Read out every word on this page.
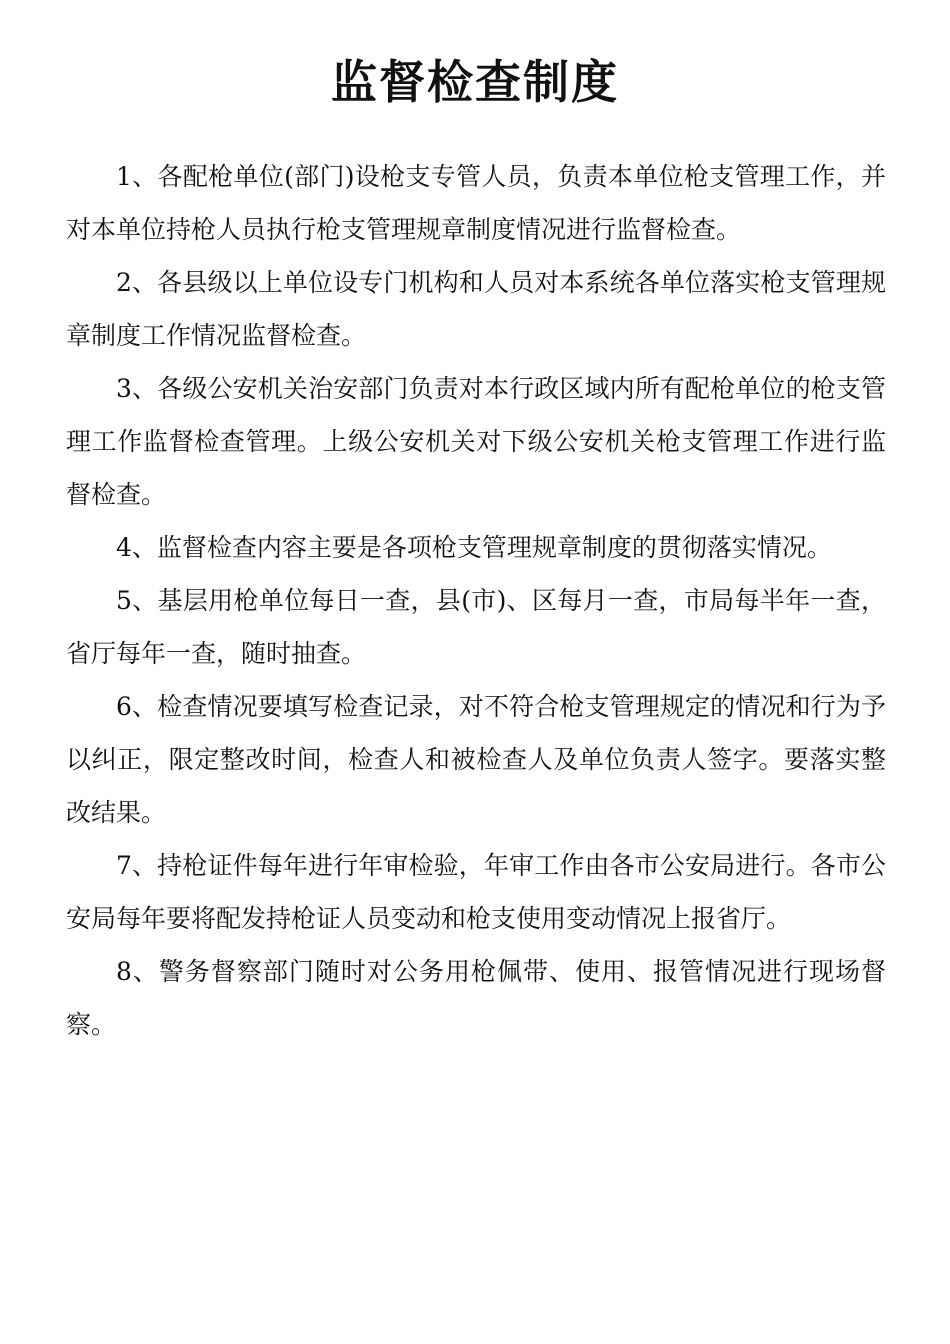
监督检查制度

1、各配枪单位(部门)设枪支专管人员，负责本单位枪支管理工作，并对本单位持枪人员执行枪支管理规章制度情况进行监督检查。

2、各县级以上单位设专门机构和人员对本系统各单位落实枪支管理规章制度工作情况监督检查。

3、各级公安机关治安部门负责对本行政区域内所有配枪单位的枪支管理工作监督检查管理。上级公安机关对下级公安机关枪支管理工作进行监督检查。

4、监督检查内容主要是各项枪支管理规章制度的贯彻落实情况。

5、基层用枪单位每日一查，县(市)、区每月一查，市局每半年一查，省厅每年一查，随时抽查。

6、检查情况要填写检查记录，对不符合枪支管理规定的情况和行为予以纠正，限定整改时间，检查人和被检查人及单位负责人签字。要落实整改结果。

7、持枪证件每年进行年审检验，年审工作由各市公安局进行。各市公安局每年要将配发持枪证人员变动和枪支使用变动情况上报省厅。

8、警务督察部门随时对公务用枪佩带、使用、报管情况进行现场督察。
